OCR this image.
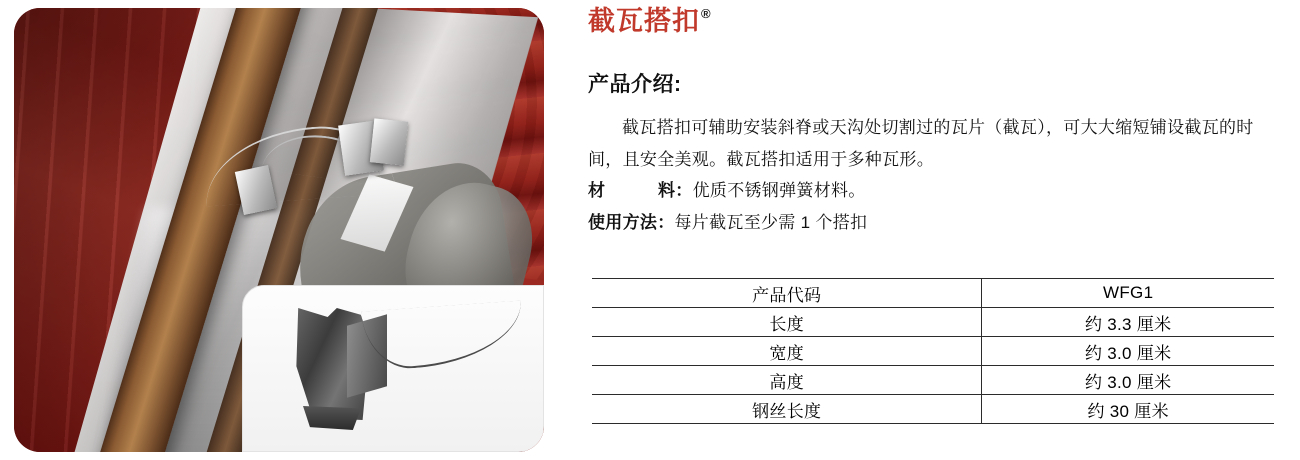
截瓦搭扣 ®
产品介绍:
截瓦搭扣可辅助安装斜脊或天沟处切割过的瓦片（截瓦），可大大缩短铺设截瓦的时间，且安全美观。截瓦搭扣适用于多种瓦形。
材	料：优质不锈钢弹簧材料。
使用方法：每片截瓦至少需 1 个搭扣
产品代码	WFG1
长度	约 3.3 厘米
宽度	约 3.0 厘米
高度	约 3.0 厘米
钢丝长度	约 30 厘米
